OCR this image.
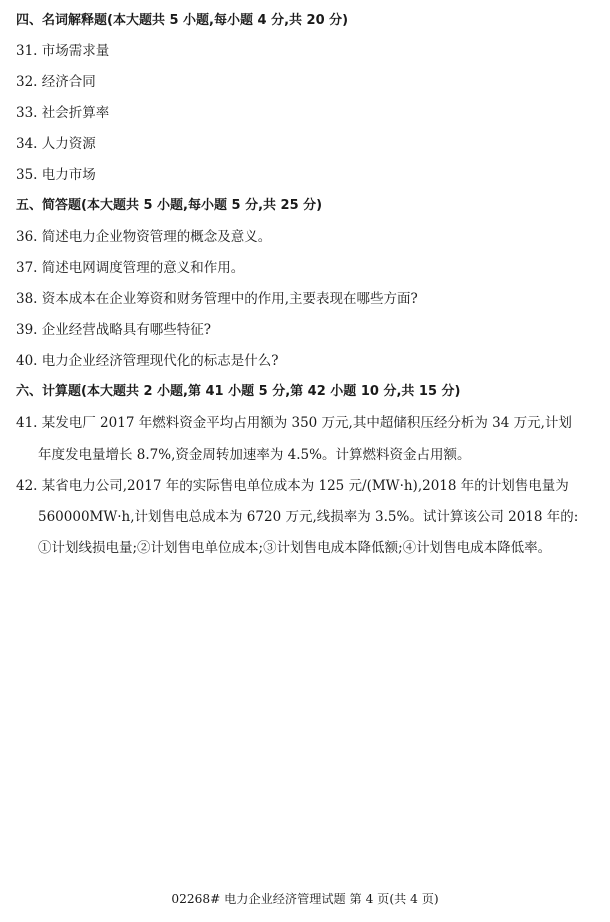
四、名词解释题(本大题共 5 小题,每小题 4 分,共 20 分)
31. 市场需求量
32. 经济合同
33. 社会折算率
34. 人力资源
35. 电力市场
五、简答题(本大题共 5 小题,每小题 5 分,共 25 分)
36. 简述电力企业物资管理的概念及意义。
37. 简述电网调度管理的意义和作用。
38. 资本成本在企业筹资和财务管理中的作用,主要表现在哪些方面?
39. 企业经营战略具有哪些特征?
40. 电力企业经济管理现代化的标志是什么?
六、计算题(本大题共 2 小题,第 41 小题 5 分,第 42 小题 10 分,共 15 分)
41. 某发电厂 2017 年燃料资金平均占用额为 350 万元,其中超储积压经分析为 34 万元,计划
年度发电量增长 8.7%,资金周转加速率为 4.5%。计算燃料资金占用额。
42. 某省电力公司,2017 年的实际售电单位成本为 125 元/(MW·h),2018 年的计划售电量为
560000MW·h,计划售电总成本为 6720 万元,线损率为 3.5%。试计算该公司 2018 年的:
①计划线损电量;②计划售电单位成本;③计划售电成本降低额;④计划售电成本降低率。
02268# 电力企业经济管理试题 第 4 页(共 4 页)
